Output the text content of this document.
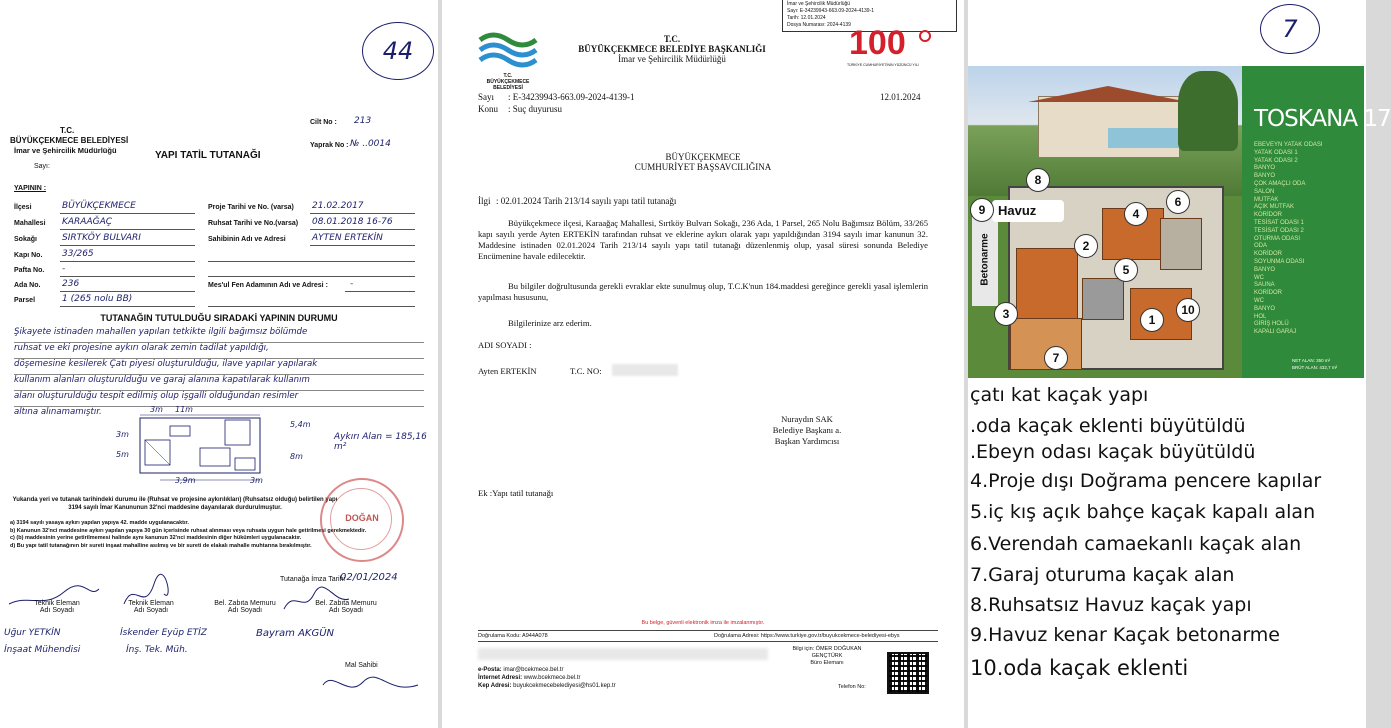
44
T.C.
BÜYÜKÇEKMECE BELEDİYESİ
İmar ve Şehircilik Müdürlüğü
Sayı:
YAPI TATİL TUTANAĞI
Cilt No : 213
Yaprak No : № ..0014
YAPININ :
İlçesi	BÜYÜKÇEKMECE
Mahallesi KARAAĞAÇ
Sokağı	SIRTKÖY BULVARI
Kapı No. 33/265
Pafta No. -
Ada No. 236
Parsel	1 (265 nolu BB)
Proje Tarihi ve No. (varsa) 21.02.2017
Ruhsat Tarihi ve No.(varsa) 08.01.2018 16-76
Sahibinin Adı ve Adresi	AYTEN ERTEKİN
Mes'ul Fen Adamının Adı ve Adresi : -
TUTANAĞIN TUTULDUĞU SIRADAKİ YAPININ DURUMU
Şikayete istinaden mahallen yapılan tetkikte ilgili bağımsız bölümde
ruhsat ve eki projesine aykırı olarak zemin tadilat yapıldığı,
döşemesine kesilerek Çatı piyesi oluşturulduğu, ilave yapılar yapılarak
kullanım alanları oluşturulduğu ve garaj alanına kapatılarak kullanım
alanı oluşturulduğu tespit edilmiş olup işgalli olduğundan resimler
altına alınamamıştır.
3m
5m
3m 11m
5,4m
8m
3,9m	3m
Aykırı Alan = 185,16 m²
Yukarıda yeri ve tutanak tarihindeki durumu ile (Ruhsat ve projesine aykırılıkları) (Ruhsatsız olduğu) belirtilen yapı 3194 sayılı İmar Kanununun 32'nci maddesine dayanılarak durdurulmuştur.
a) 3194 sayılı yasaya aykırı yapılan yapıya 42. madde uygulanacaktır.
b) Kanunun 32'nci maddesine aykırı yapılan yapıya 30 gün içerisinde ruhsat alınması veya ruhsata uygun hale getirilmesi gerekmektedir.
c) (b) maddesinin yerine getirilmemesi halinde aynı kanunun 32'nci maddesinin diğer hükümleri uygulanacaktır.
d) Bu yapı tatil tutanağının bir sureti inşaat mahalline asılmış ve bir sureti de elakalı mahalle muhtarına bırakılmıştır.
DOĞAN
Tutanağa İmza Tarihi
02/01/2024
Teknik Eleman
Adı Soyadı
Teknik Eleman
Adı Soyadı
Bel. Zabıta Memuru
Adı Soyadı
Bel. Zabıta Memuru
Adı Soyadı
Uğur YETKİN
İnşaat Mühendisi
İskender Eyüp ETİZ
İnş. Tek. Müh.
Bayram AKGÜN
Mal Sahibi
T.C.
BÜYÜKÇEKMECE BELEDİYESİ
T.C.
BÜYÜKÇEKMECE BELEDİYE BAŞKANLIĞI
İmar ve Şehircilik Müdürlüğü
İmar ve Şehircilik Müdürlüğü
Sayı: E-34239943-663.09-2024-4139-1
Tarih: 12.01.2024
Dosya Numarası: 2024-4139
100
TÜRKİYE CUMHURİYETİNİN YÜZÜNCÜ YILI
Sayı : E-34239943-663.09-2024-4139-1	12.01.2024
Konu : Suç duyurusu
BÜYÜKÇEKMECE
CUMHURİYET BAŞSAVCILIĞINA
İlgi : 02.01.2024 Tarih 213/14 sayılı yapı tatil tutanağı
Büyükçekmece ilçesi, Karaağaç Mahallesi, Sırtköy Bulvarı Sokağı, 236 Ada, 1 Parsel, 265 Nolu Bağımsız Bölüm, 33/265 kapı sayılı yerde Ayten ERTEKİN tarafından ruhsat ve eklerine aykırı olarak yapı yapıldığından 3194 sayılı imar kanunun 32. Maddesine istinaden 02.01.2024 Tarih 213/14 sayılı yapı tatil tutanağı düzenlenmiş olup, yasal süresi sonunda Belediye Encümenine havale edilecektir.
Bu bilgiler doğrultusunda gerekli evraklar ekte sunulmuş olup, T.C.K'nun 184.maddesi gereğince gerekli yasal işlemlerin yapılması hususunu,
Bilgilerinize arz ederim.
ADI SOYADI :
Ayten ERTEKİN	T.C. NO:
Nuraydın SAK
Belediye Başkanı a.
Başkan Yardımcısı
Ek :Yapı tatil tutanağı
Bu belge, güvenli elektronik imza ile imzalanmıştır.
Doğrulama Kodu: A944A078	Doğrulama Adresi: https://www.turkiye.gov.tr/buyukcekmece-belediyesi-ebys
e-Posta: imar@bcekmece.bel.tr
İnternet Adresi: www.bcekmece.bel.tr
Kep Adresi: buyukcekmecebelediyesi@hs01.kep.tr
Bilgi için: ÖMER DOĞUKAN
GENÇTÜRK
Büro Elemanı
Telefon No:
7
Betonarme
Havuz
TOSKANA 17
EBEVEYN YATAK ODASI
YATAK ODASI 1
YATAK ODASI 2
BANYO
BANYO
ÇOK AMAÇLI ODA
SALON
MUTFAK
AÇIK MUTFAK
KORİDOR
TESİSAT ODASI 1
TESİSAT ODASI 2
OTURMA ODASI
ODA
KORİDOR
SOYUNMA ODASI
BANYO
WC
SAUNA
KORİDOR
WC
BANYO
HOL
GİRİŞ HOLÜ
KAPALI GARAJ
NET ALAN: 350 m²
BRÜT ALAN: 432,7 m²
8
9	4
6
2
5
3	1
10
7
çatı kat kaçak yapı
.oda kaçak eklenti büyütüldü
.Ebeyn odası kaçak büyütüldü
4.Proje dışı Doğrama pencere kapılar
5.iç kış açık bahçe kaçak kapalı alan
6.Verendah camaekanlı kaçak alan
7.Garaj oturuma kaçak alan
8.Ruhsatsız Havuz kaçak yapı
9.Havuz kenar Kaçak betonarme
10.oda kaçak eklenti
